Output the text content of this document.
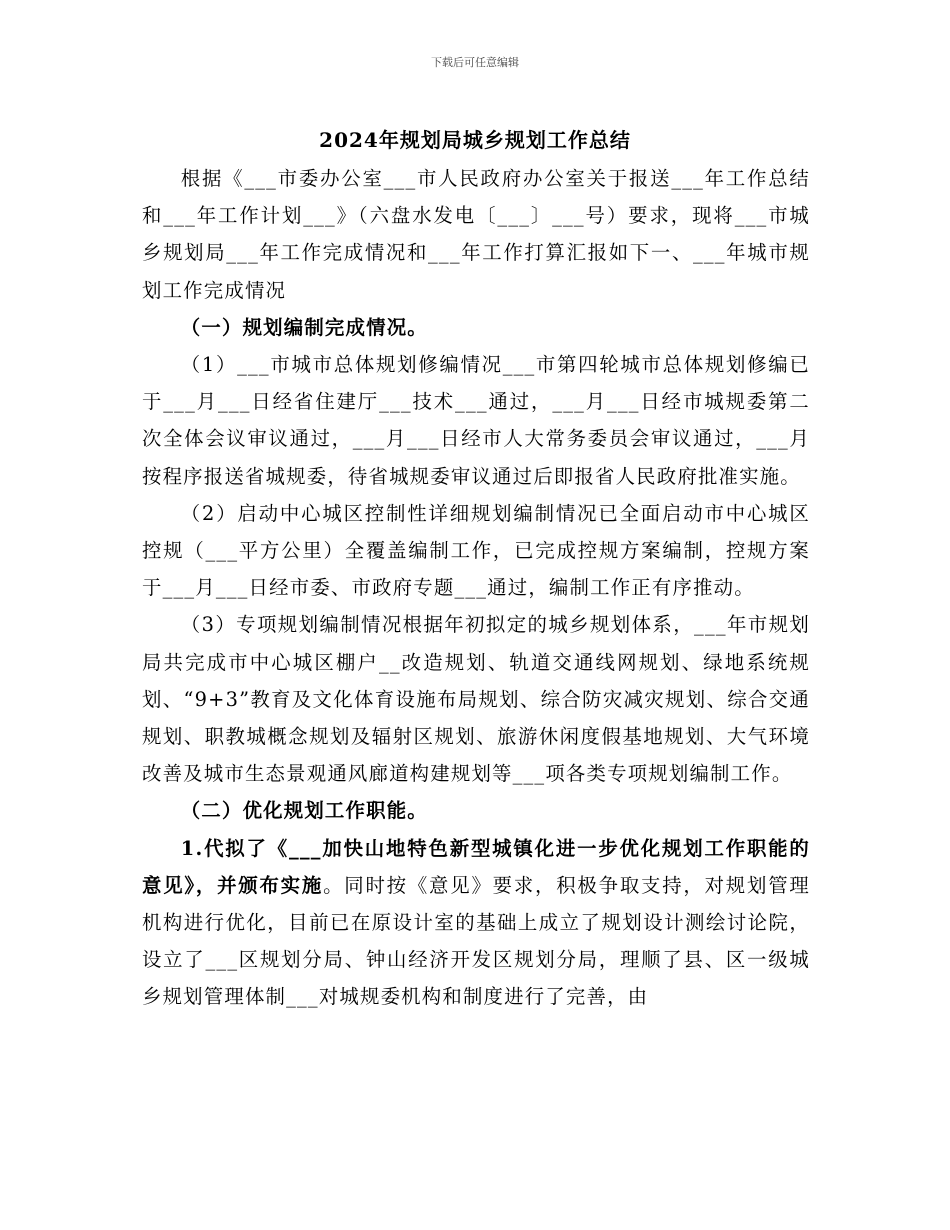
下载后可任意编辑
2024年规划局城乡规划工作总结

根据《___市委办公室___市人民政府办公室关于报送___年工作总结和___年工作计划___》（六盘水发电〔___〕___号）要求，现将___市城乡规划局___年工作完成情况和___年工作打算汇报如下一、___年城市规划工作完成情况

（一）规划编制完成情况。

（1）___市城市总体规划修编情况___市第四轮城市总体规划修编已于___月___日经省住建厅___技术___通过，___月___日经市城规委第二次全体会议审议通过，___月___日经市人大常务委员会审议通过，___月按程序报送省城规委，待省城规委审议通过后即报省人民政府批准实施。

（2）启动中心城区控制性详细规划编制情况已全面启动市中心城区控规（___平方公里）全覆盖编制工作，已完成控规方案编制，控规方案于___月___日经市委、市政府专题___通过，编制工作正有序推动。

（3）专项规划编制情况根据年初拟定的城乡规划体系，___年市规划局共完成市中心城区棚户__改造规划、轨道交通线网规划、绿地系统规划、“9+3”教育及文化体育设施布局规划、综合防灾减灾规划、综合交通规划、职教城概念规划及辐射区规划、旅游休闲度假基地规划、大气环境改善及城市生态景观通风廊道构建规划等___项各类专项规划编制工作。

（二）优化规划工作职能。

1.代拟了《___加快山地特色新型城镇化进一步优化规划工作职能的意见》，并颁布实施。同时按《意见》要求，积极争取支持，对规划管理机构进行优化，目前已在原设计室的基础上成立了规划设计测绘讨论院，设立了___区规划分局、钟山经济开发区规划分局，理顺了县、区一级城乡规划管理体制___对城规委机构和制度进行了完善，由
